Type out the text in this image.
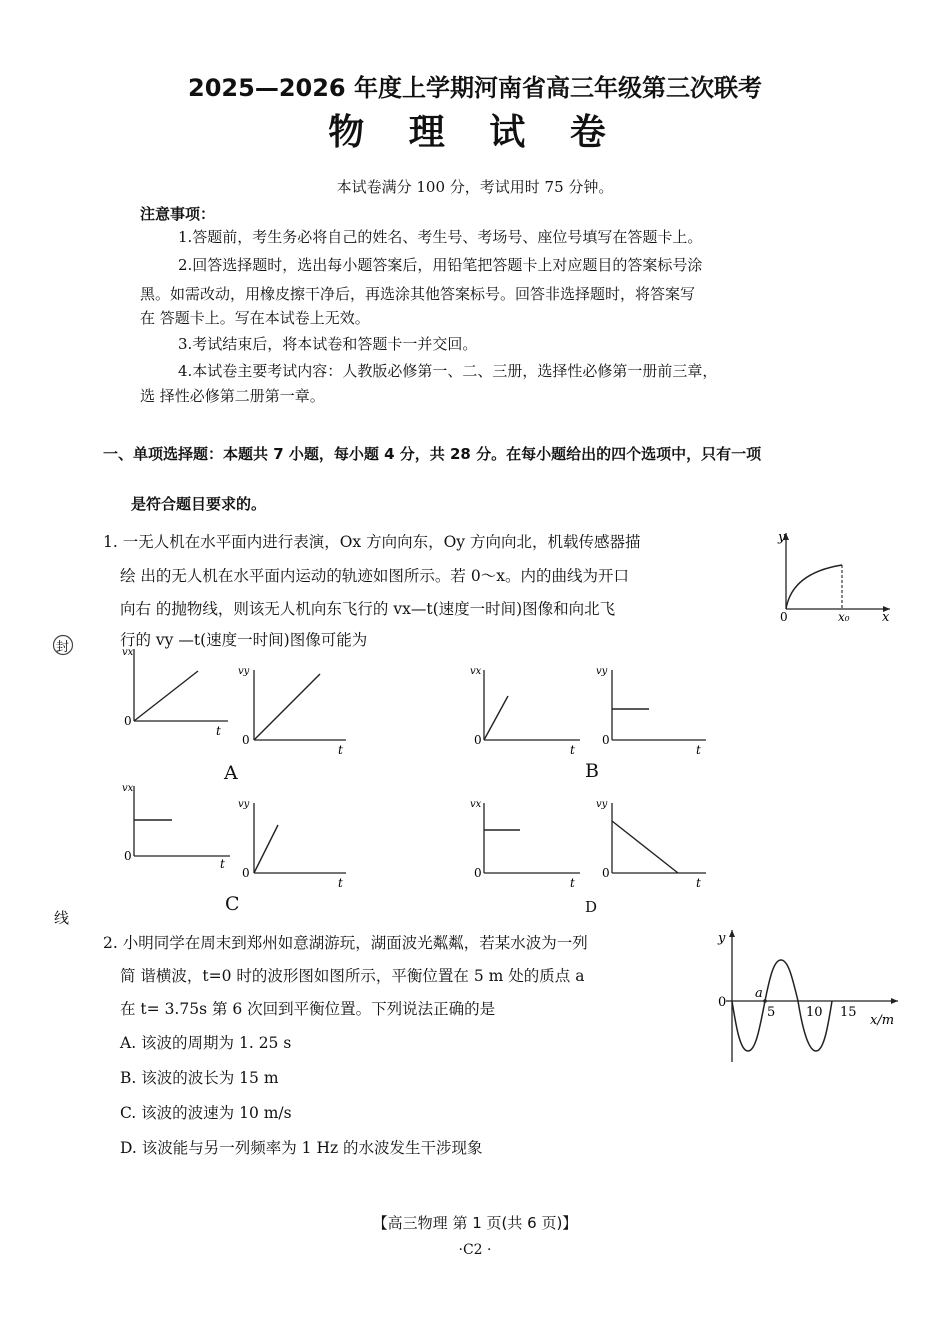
2025—2026 年度上学期河南省高三年级第三次联考
物 理 试 卷
本试卷满分 100 分，考试用时 75 分钟。
注意事项：
1.答题前，考生务必将自己的姓名、考生号、考场号、座位号填写在答题卡上。
2.回答选择题时，选出每小题答案后，用铅笔把答题卡上对应题目的答案标号涂
黑。如需改动，用橡皮擦干净后，再选涂其他答案标号。回答非选择题时，将答案写
在 答题卡上。写在本试卷上无效。
3.考试结束后，将本试卷和答题卡一并交回。
4.本试卷主要考试内容：人教版必修第一、二、三册，选择性必修第一册前三章，
选 择性必修第二册第一章。
一、单项选择题：本题共 7 小题，每小题 4 分，共 28 分。在每小题给出的四个选项中，只有一项
是符合题目要求的。
1. 一无人机在水平面内进行表演，Ox 方向向东，Oy 方向向北，机载传感器描
绘 出的无人机在水平面内运动的轨迹如图所示。若 0～x。内的曲线为开口
向右 的抛物线，则该无人机向东飞行的 vx—t(速度一时间)图像和向北飞
行的 vy —t(速度一时间)图像可能为
封
线
y
0	x₀ x
vx
0
t
vy
0
t
A
vx
0
t
vy
0
t
B
vx
0
t
vy
0
t
C
vx
0
t
vy
0
t
D
2. 小明同学在周末到郑州如意湖游玩，湖面波光粼粼，若某水波为一列
简 谐横波，t=0 时的波形图如图所示，平衡位置在 5 m 处的质点 a
在 t= 3.75s 第 6 次回到平衡位置。下列说法正确的是
A. 该波的周期为 1. 25 s
B. 该波的波长为 15 m
C. 该波的波速为 10 m/s
D. 该波能与另一列频率为 1 Hz 的水波发生干涉现象
y
0
a
5 10 15
x/m
【高三物理 第 1 页(共 6 页)】
·C2 ·
